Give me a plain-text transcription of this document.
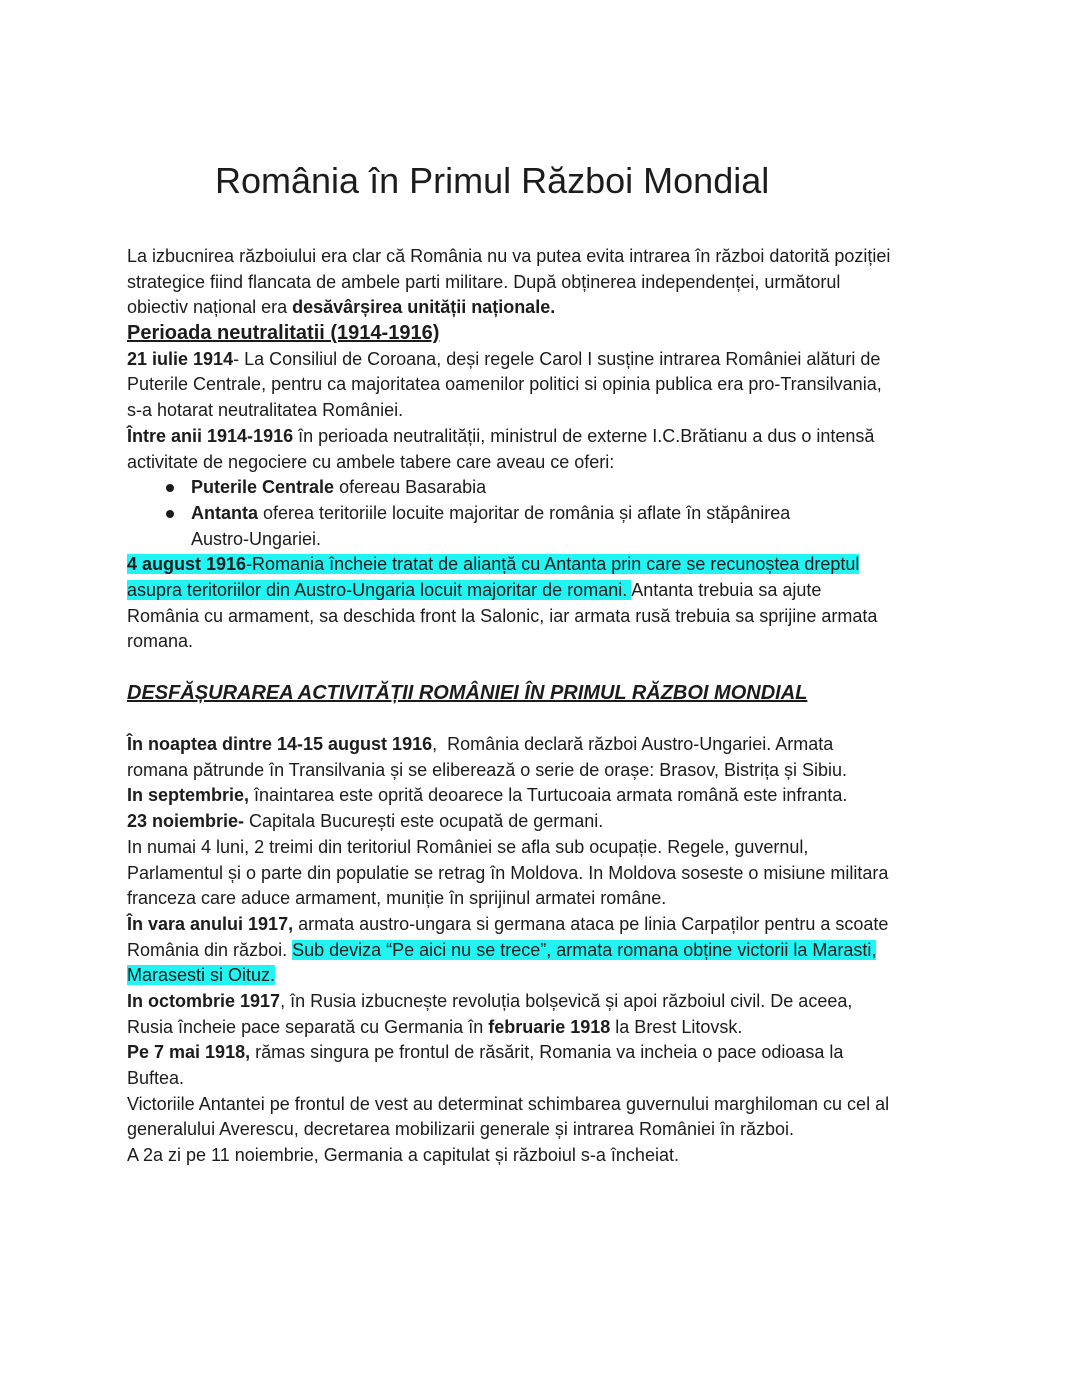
România în Primul Război Mondial
La izbucnirea războiului era clar că România nu va putea evita intrarea în război datorită poziției
strategice fiind flancata de ambele parti militare. După obținerea independenței, următorul
obiectiv național era desăvârșirea unității naționale.
Perioada neutralitatii (1914-1916)
21 iulie 1914- La Consiliul de Coroana, deși regele Carol I susține intrarea României alături de
Puterile Centrale, pentru ca majoritatea oamenilor politici si opinia publica era pro-Transilvania,
s-a hotarat neutralitatea României.
Între anii 1914-1916 în perioada neutralității, ministrul de externe I.C.Brătianu a dus o intensă
activitate de negociere cu ambele tabere care aveau ce oferi:
Puterile Centrale ofereau Basarabia
Antanta oferea teritoriile locuite majoritar de românia și aflate în stăpânirea
Austro-Ungariei.
4 august 1916-Romania încheie tratat de alianță cu Antanta prin care se recunoștea dreptul
asupra teritoriilor din Austro-Ungaria locuit majoritar de romani. Antanta trebuia sa ajute
România cu armament, sa deschida front la Salonic, iar armata rusă trebuia sa sprijine armata
romana.
DESFĂȘURAREA ACTIVITĂȚII ROMÂNIEI ÎN PRIMUL RĂZBOI MONDIAL
În noaptea dintre 14-15 august 1916,  România declară război Austro-Ungariei. Armata
romana pătrunde în Transilvania și se eliberează o serie de orașe: Brasov, Bistrița și Sibiu.
In septembrie, înaintarea este oprită deoarece la Turtucoaia armata română este infranta.
23 noiembrie- Capitala București este ocupată de germani.
In numai 4 luni, 2 treimi din teritoriul României se afla sub ocupație. Regele, guvernul,
Parlamentul și o parte din populatie se retrag în Moldova. In Moldova soseste o misiune militara
franceza care aduce armament, muniție în sprijinul armatei române.
În vara anului 1917, armata austro-ungara si germana ataca pe linia Carpaților pentru a scoate
România din război. Sub deviza “Pe aici nu se trece”, armata romana obține victorii la Marasti,
Marasesti si Oituz.
In octombrie 1917, în Rusia izbucnește revoluția bolșevică și apoi războiul civil. De aceea,
Rusia încheie pace separată cu Germania în februarie 1918 la Brest Litovsk.
Pe 7 mai 1918, rămas singura pe frontul de răsărit, Romania va incheia o pace odioasa la
Buftea.
Victoriile Antantei pe frontul de vest au determinat schimbarea guvernului marghiloman cu cel al
generalului Averescu, decretarea mobilizarii generale și intrarea României în război.
A 2a zi pe 11 noiembrie, Germania a capitulat și războiul s-a încheiat.
